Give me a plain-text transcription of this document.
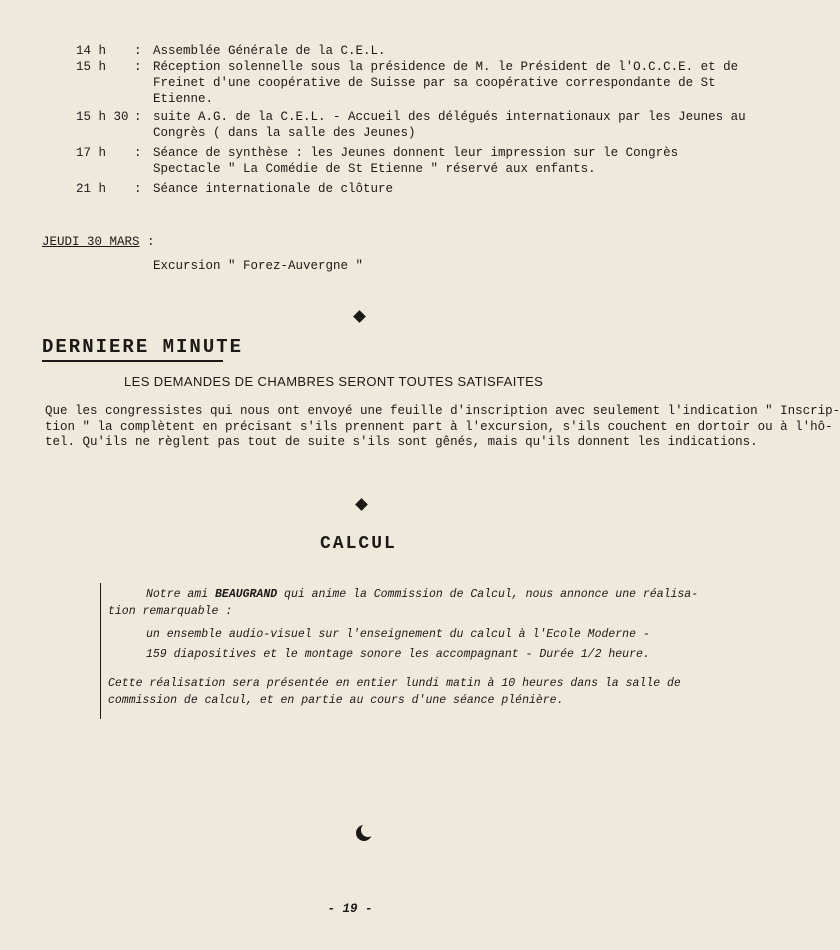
14 h : Assemblée Générale de la C.E.L.
15 h : Réception solennelle sous la présidence de M. le Président de l'O.C.C.E. et de
Freinet d'une coopérative de Suisse par sa coopérative correspondante de St
Etienne.
15 h 30 : suite A.G. de la C.E.L. - Accueil des délégués internationaux par les Jeunes au
Congrès ( dans la salle des Jeunes)
17 h : Séance de synthèse : les Jeunes donnent leur impression sur le Congrès
Spectacle " La Comédie de St Etienne " réservé aux enfants.
21 h : Séance internationale de clôture
JEUDI 30 MARS :
Excursion " Forez-Auvergne "
DERNIERE MINUTE
LES DEMANDES DE CHAMBRES SERONT TOUTES SATISFAITES
Que les congressistes qui nous ont envoyé une feuille d'inscription avec seulement l'indication " Inscrip-
tion " la complètent en précisant s'ils prennent part à l'excursion, s'ils couchent en dortoir ou à l'hô-
tel. Qu'ils ne règlent pas tout de suite s'ils sont gênés, mais qu'ils donnent les indications.
CALCUL
Notre ami BEAUGRAND qui anime la Commission de Calcul, nous annonce une réalisa-
tion remarquable :
un ensemble audio-visuel sur l'enseignement du calcul à l'Ecole Moderne -
159 diapositives et le montage sonore les accompagnant - Durée 1/2 heure.
Cette réalisation sera présentée en entier lundi matin à 10 heures dans la salle de
commission de calcul, et en partie au cours d'une séance plénière.
- 19 -
